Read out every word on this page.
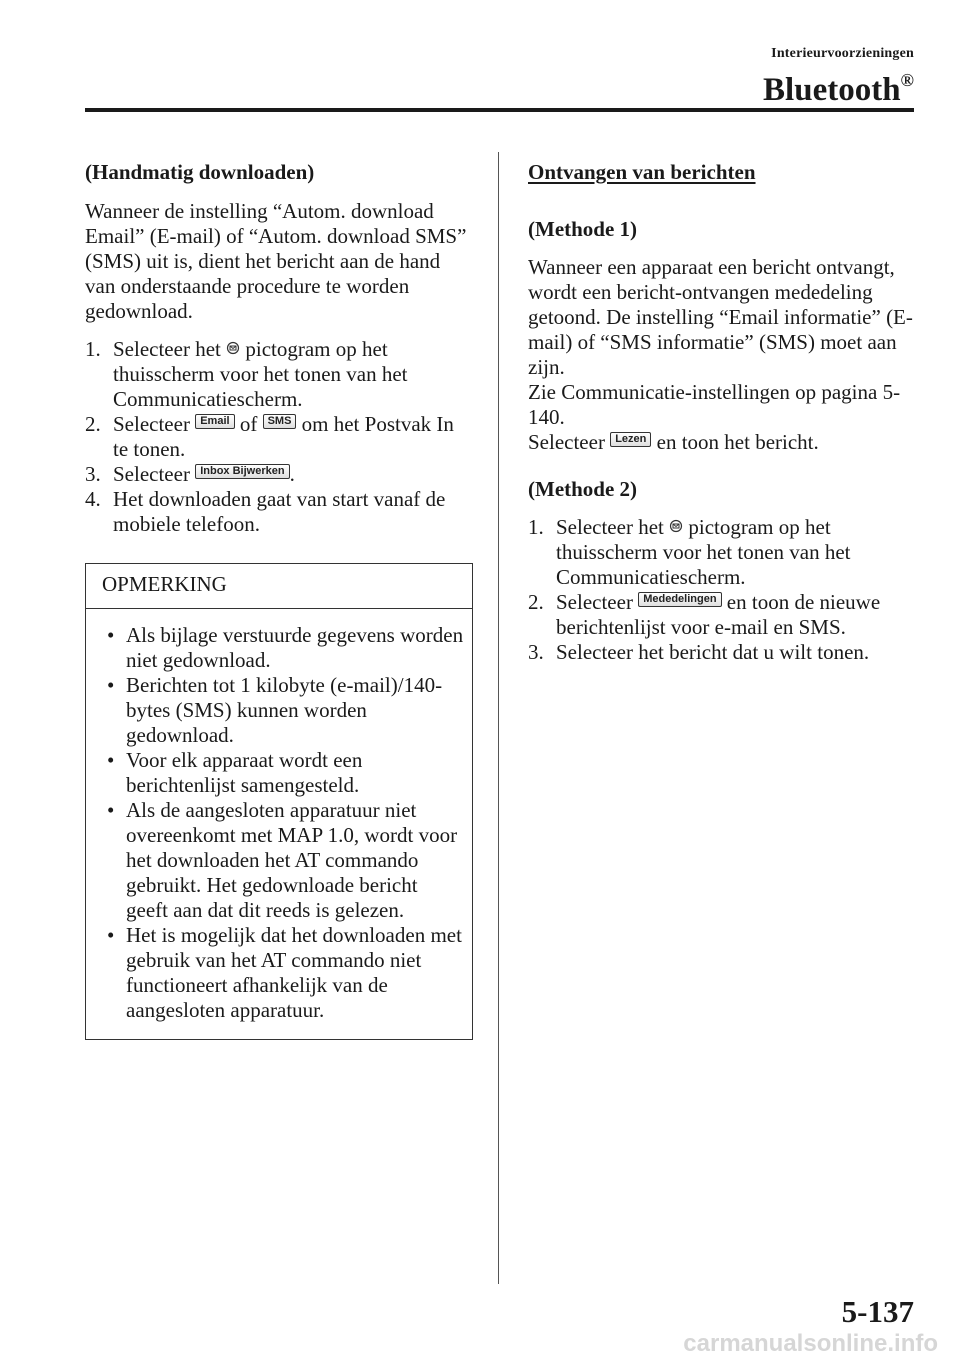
Interieurvoorzieningen
Bluetooth®

(Handmatig downloaden)

Wanneer de instelling “Autom. download Email” (E-mail) of “Autom. download SMS” (SMS) uit is, dient het bericht aan de hand van onderstaande procedure te worden gedownload.

1. Selecteer het pictogram op het thuisscherm voor het tonen van het Communicatiescherm.
2. Selecteer Email of SMS om het Postvak In te tonen.
3. Selecteer Inbox Bijwerken .
4. Het downloaden gaat van start vanaf de mobiele telefoon.
OPMERKING
• Als bijlage verstuurde gegevens worden niet gedownload.
• Berichten tot 1 kilobyte (e-mail)/140-bytes (SMS) kunnen worden gedownload.
• Voor elk apparaat wordt een berichtenlijst samengesteld.
• Als de aangesloten apparatuur niet overeenkomt met MAP 1.0, wordt voor het downloaden het AT commando gebruikt. Het gedownloade bericht geeft aan dat dit reeds is gelezen.
• Het is mogelijk dat het downloaden met gebruik van het AT commando niet functioneert afhankelijk van de aangesloten apparatuur.

Ontvangen van berichten

(Methode 1)

Wanneer een apparaat een bericht ontvangt, wordt een bericht-ontvangen mededeling getoond. De instelling “Email informatie” (E-mail) of “SMS informatie” (SMS) moet aan zijn.

Zie Communicatie-instellingen op pagina 5-140.

Selecteer Lezen en toon het bericht.

(Methode 2)

1. Selecteer het pictogram op het thuisscherm voor het tonen van het Communicatiescherm.
2. Selecteer Mededelingen en toon de nieuwe berichtenlijst voor e-mail en SMS.
3. Selecteer het bericht dat u wilt tonen.
5-137
carmanualsonline.info
